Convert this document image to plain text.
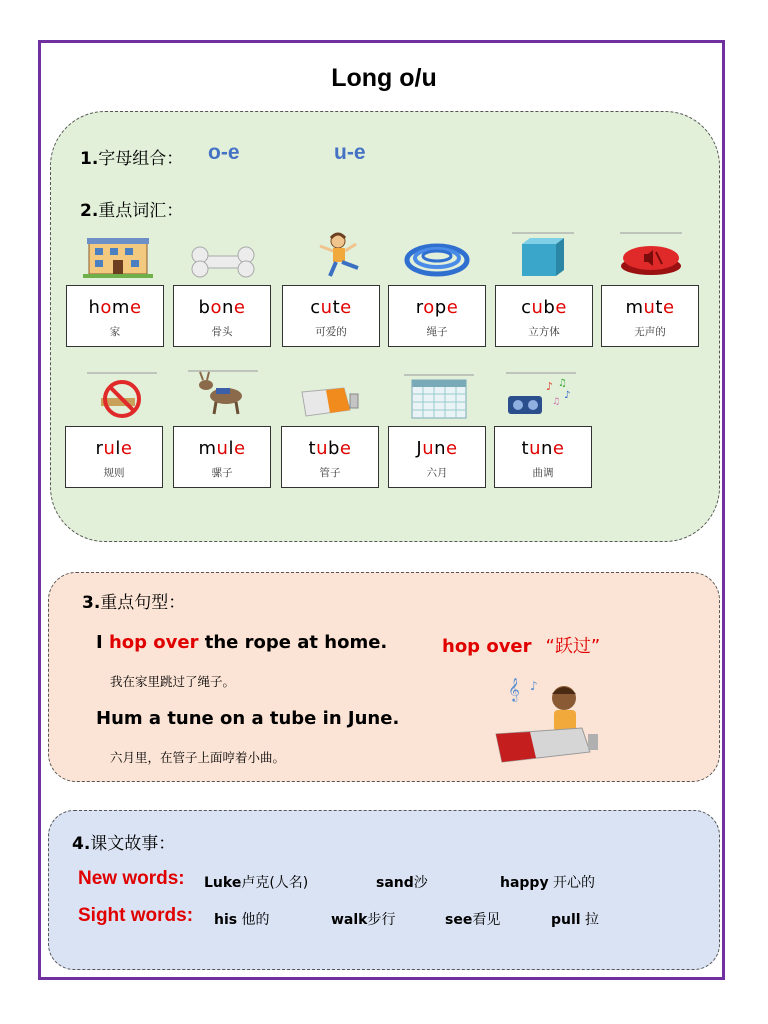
Long o/u
1.字母组合： o-e	u-e
2.重点词汇：
home
家
bone
骨头
cute
可爱的
rope
绳子
cube
立方体
mute
无声的
♪ ♫
♪
♫
rule
规则
mule
骡子
tube
管子
June
六月
tune
曲调
3.重点句型：
I hop over the rope at home.	hop over “跃过”
我在家里跳过了绳子。
Hum a tune on a tube in June.
六月里，在管子上面哼着小曲。
𝄞 ♪
4.课文故事：
New words: Luke卢克(人名)	sand沙	happy 开心的
Sight words: his 他的	walk步行	see看见	pull 拉
